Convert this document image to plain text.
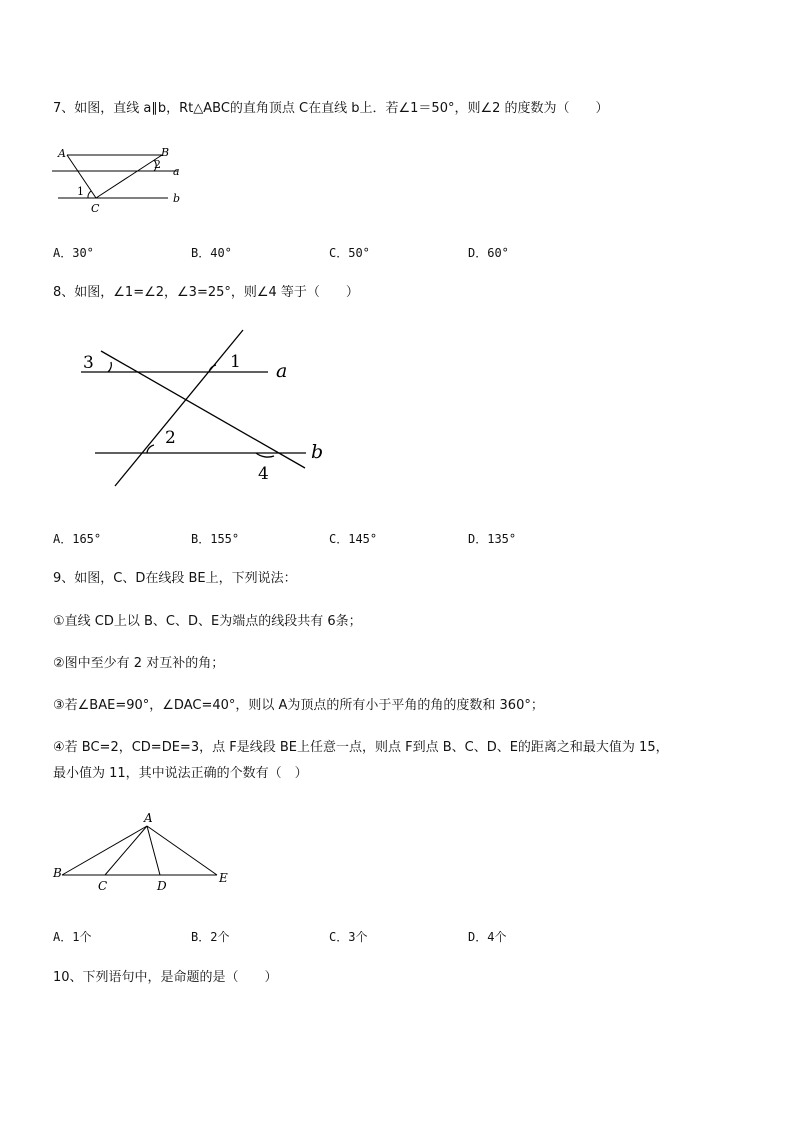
7、如图，直线 a∥b，Rt△ABC的直角顶点 C在直线 b上．若∠1＝50°，则∠2 的度数为（　　）
A	B
C
1
2
a
b
A．30°	B．40°	C．50°	D．60°
8、如图，∠1=∠2，∠3=25°，则∠4 等于（　　）
3	1
2
4
a
b
A．165°	B．155°	C．145°	D．135°
9、如图，C、D在线段 BE上，下列说法：
①直线 CD上以 B、C、D、E为端点的线段共有 6条；
②图中至少有 2 对互补的角；
③若∠BAE=90°，∠DAC=40°，则以 A为顶点的所有小于平角的角的度数和 360°；
④若 BC=2，CD=DE=3，点 F是线段 BE上任意一点，则点 F到点 B、C、D、E的距离之和最大值为 15，
最小值为 11，其中说法正确的个数有（　）
A
B
C	D
E
A．1个	B．2个	C．3个	D．4个
10、下列语句中，是命题的是（　　）
